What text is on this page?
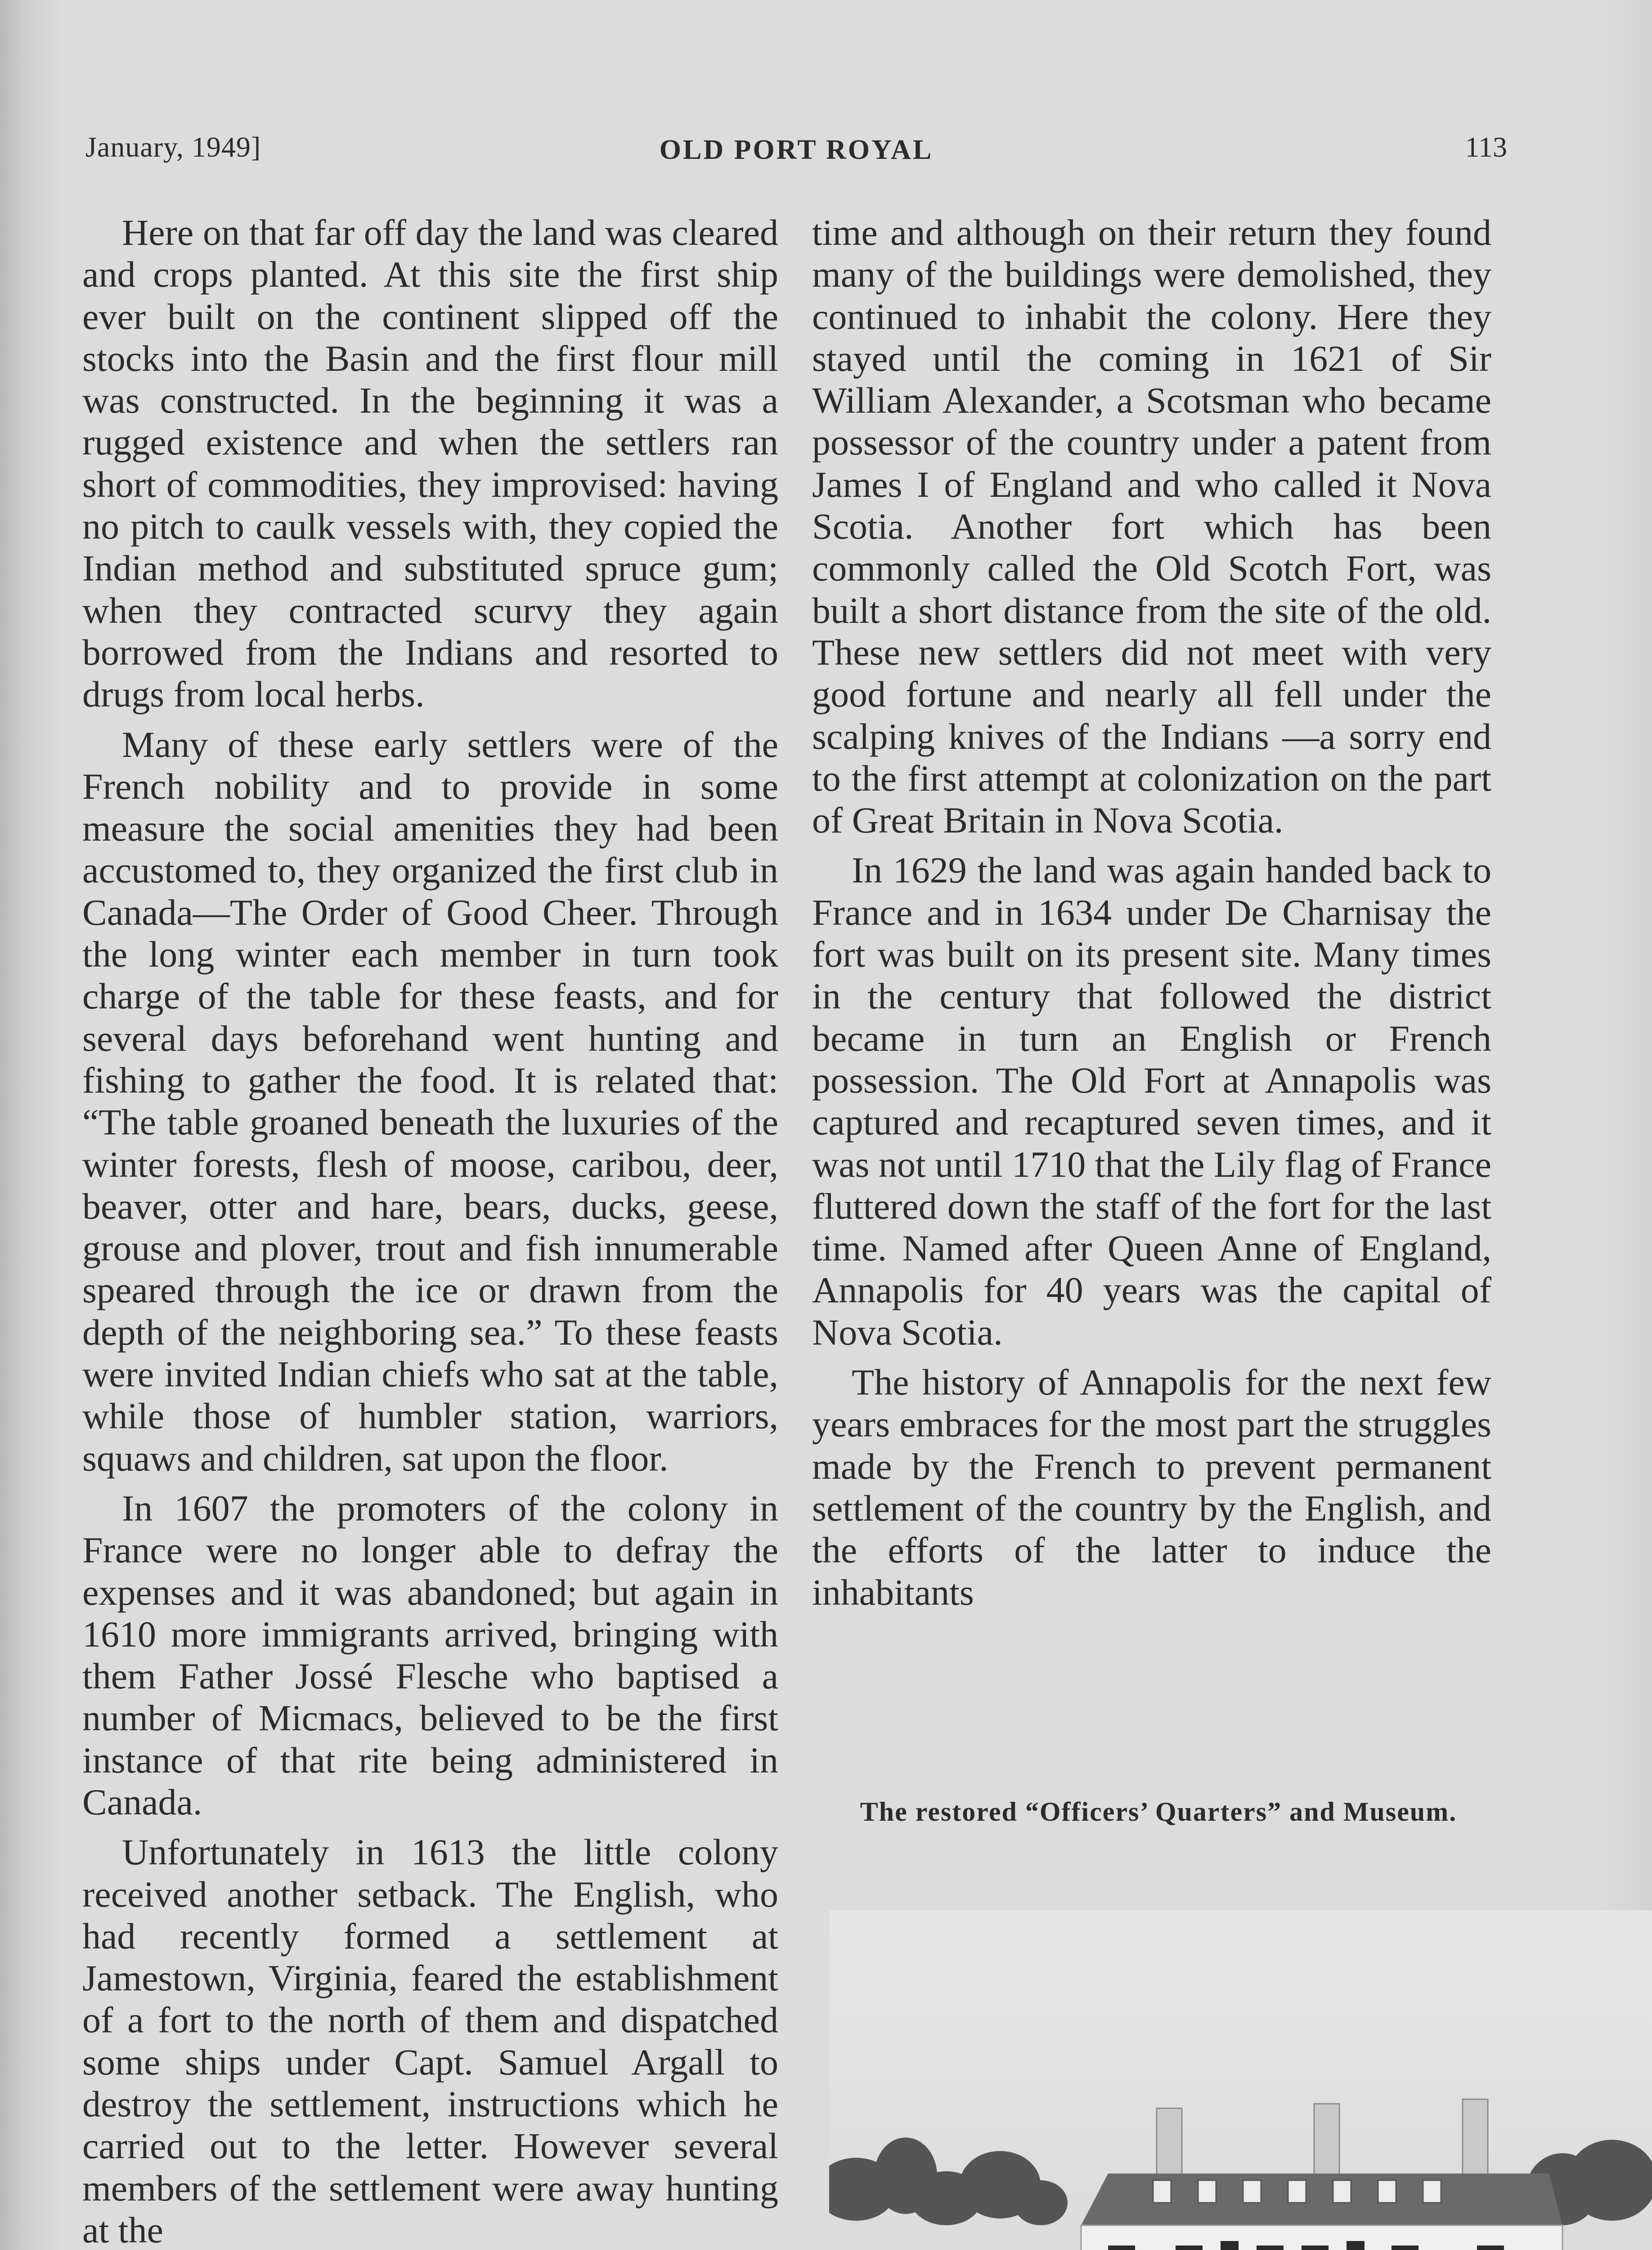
January, 1949]	OLD PORT ROYAL	113

Here on that far off day the land was cleared and crops planted. At this site the first ship ever built on the continent slipped off the stocks into the Basin and the first flour mill was constructed. In the beginning it was a rugged existence and when the settlers ran short of commodities, they improvised: having no pitch to caulk vessels with, they copied the Indian method and substituted spruce gum; when they contracted scurvy they again borrowed from the Indians and resorted to drugs from local herbs.

Many of these early settlers were of the French nobility and to provide in some measure the social amenities they had been accustomed to, they organized the first club in Canada—The Order of Good Cheer. Through the long winter each member in turn took charge of the table for these feasts, and for several days beforehand went hunting and fishing to gather the food. It is related that: “The table groaned beneath the luxuries of the winter forests, flesh of moose, caribou, deer, beaver, otter and hare, bears, ducks, geese, grouse and plover, trout and fish innumerable speared through the ice or drawn from the depth of the neighboring sea.” To these feasts were invited Indian chiefs who sat at the table, while those of humbler station, warriors, squaws and children, sat upon the floor.

In 1607 the promoters of the colony in France were no longer able to defray the expenses and it was abandoned; but again in 1610 more immigrants arrived, bringing with them Father Jossé Flesche who baptised a number of Micmacs, believed to be the first instance of that rite being administered in Canada.

Unfortunately in 1613 the little colony received another setback. The English, who had recently formed a settlement at Jamestown, Virginia, feared the establishment of a fort to the north of them and dispatched some ships under Capt. Samuel Argall to destroy the settlement, instructions which he carried out to the letter. However several members of the settlement were away hunting at the

time and although on their return they found many of the buildings were demolished, they continued to inhabit the colony. Here they stayed until the coming in 1621 of Sir William Alexander, a Scotsman who became possessor of the country under a patent from James I of England and who called it Nova Scotia. Another fort which has been commonly called the Old Scotch Fort, was built a short distance from the site of the old. These new settlers did not meet with very good fortune and nearly all fell under the scalping knives of the Indians —a sorry end to the first attempt at colonization on the part of Great Britain in Nova Scotia.

In 1629 the land was again handed back to France and in 1634 under De Charnisay the fort was built on its present site. Many times in the century that followed the district became in turn an English or French possession. The Old Fort at Annapolis was captured and recaptured seven times, and it was not until 1710 that the Lily flag of France fluttered down the staff of the fort for the last time. Named after Queen Anne of England, Annapolis for 40 years was the capital of Nova Scotia.

The history of Annapolis for the next few years embraces for the most part the struggles made by the French to prevent permanent settlement of the country by the English, and the efforts of the latter to induce the inhabitants

The restored “Officers’ Quarters” and Museum.
